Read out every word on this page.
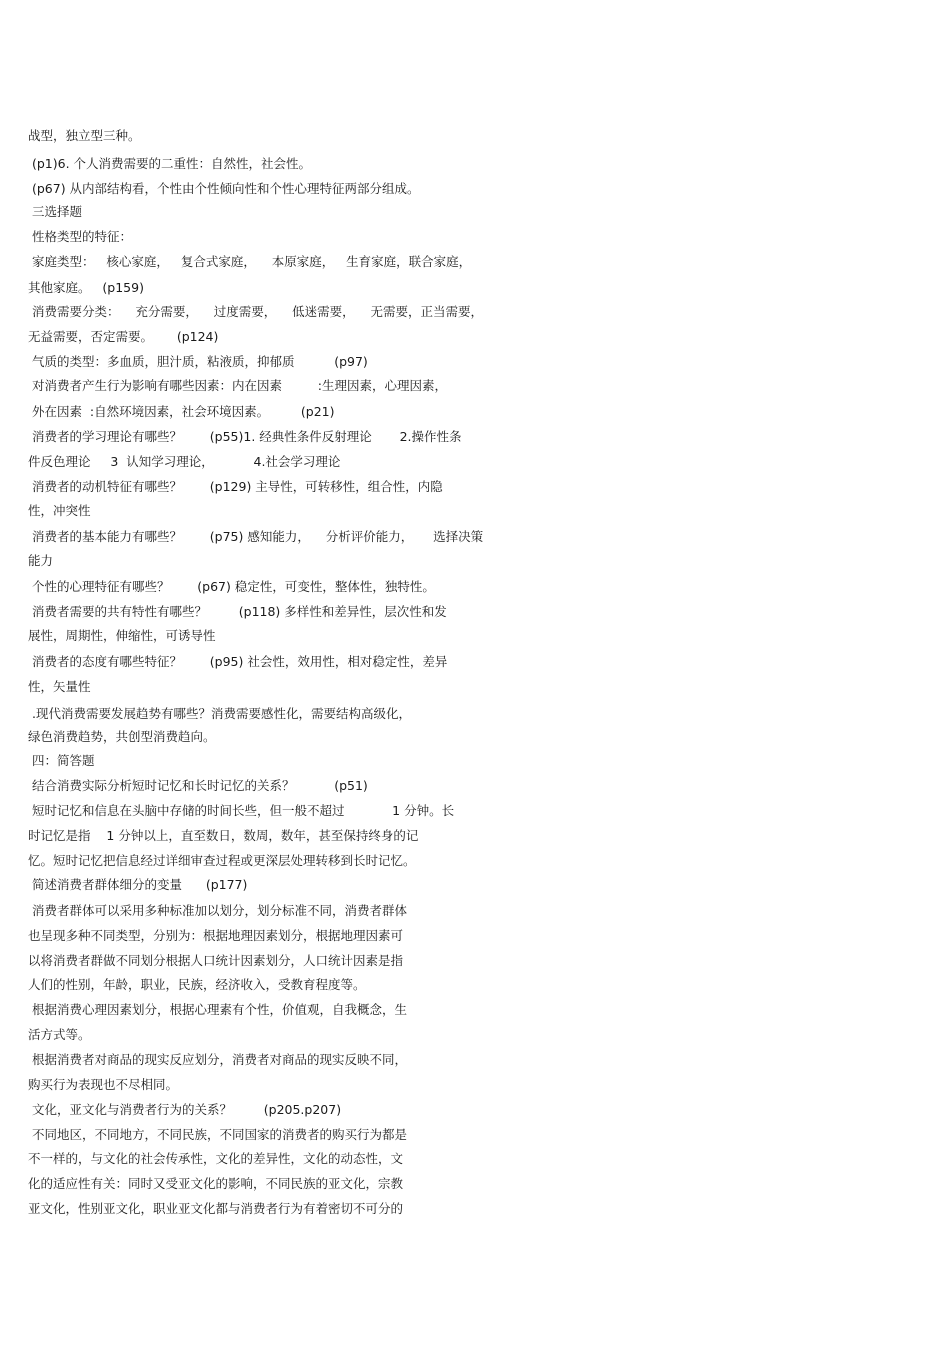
战型，独立型三种。
(p1)6. 个人消费需要的二重性：自然性，社会性。
(p67) 从内部结构看，个性由个性倾向性和个性心理特征两部分组成。
三选择题
性格类型的特征：
家庭类型：   核心家庭，   复合式家庭，    本原家庭，   生育家庭，联合家庭，
其他家庭。   (p159)
消费需要分类：    充分需要，    过度需要，    低迷需要，    无需要，正当需要，
无益需要，否定需要。      (p124)
气质的类型：多血质，胆汁质，粘液质，抑郁质          (p97)
对消费者产生行为影响有哪些因素：内在因素         :生理因素，心理因素，
外在因素  :自然环境因素，社会环境因素。        (p21)
消费者的学习理论有哪些？       (p55)1. 经典性条件反射理论       2.操作性条
件反色理论     3  认知学习理论，          4.社会学习理论
消费者的动机特征有哪些？       (p129) 主导性，可转移性，组合性，内隐
性，冲突性
消费者的基本能力有哪些？       (p75) 感知能力，    分析评价能力，     选择决策
能力
个性的心理特征有哪些？       (p67) 稳定性，可变性，整体性，独特性。
消费者需要的共有特性有哪些？        (p118) 多样性和差异性，层次性和发
展性，周期性，伸缩性，可诱导性
消费者的态度有哪些特征？       (p95) 社会性，效用性，相对稳定性，差异
性，矢量性
.现代消费需要发展趋势有哪些？消费需要感性化，需要结构高级化，
绿色消费趋势，共创型消费趋向。
四：简答题
结合消费实际分析短时记忆和长时记忆的关系？          (p51)
短时记忆和信息在头脑中存储的时间长些，但一般不超过            1 分钟。长
时记忆是指    1 分钟以上，直至数日，数周，数年，甚至保持终身的记
忆。短时记忆把信息经过详细审查过程或更深层处理转移到长时记忆。
简述消费者群体细分的变量      (p177)
消费者群体可以采用多种标准加以划分，划分标准不同，消费者群体
也呈现多种不同类型，分别为：根据地理因素划分，根据地理因素可
以将消费者群做不同划分根据人口统计因素划分，人口统计因素是指
人们的性别，年龄，职业，民族，经济收入，受教育程度等。
根据消费心理因素划分，根据心理素有个性，价值观，自我概念，生
活方式等。
根据消费者对商品的现实反应划分，消费者对商品的现实反映不同，
购买行为表现也不尽相同。
文化，亚文化与消费者行为的关系？        (p205.p207)
不同地区，不同地方，不同民族，不同国家的消费者的购买行为都是
不一样的，与文化的社会传承性，文化的差异性，文化的动态性，文
化的适应性有关：同时又受亚文化的影响，不同民族的亚文化，宗教
亚文化，性别亚文化，职业亚文化都与消费者行为有着密切不可分的
